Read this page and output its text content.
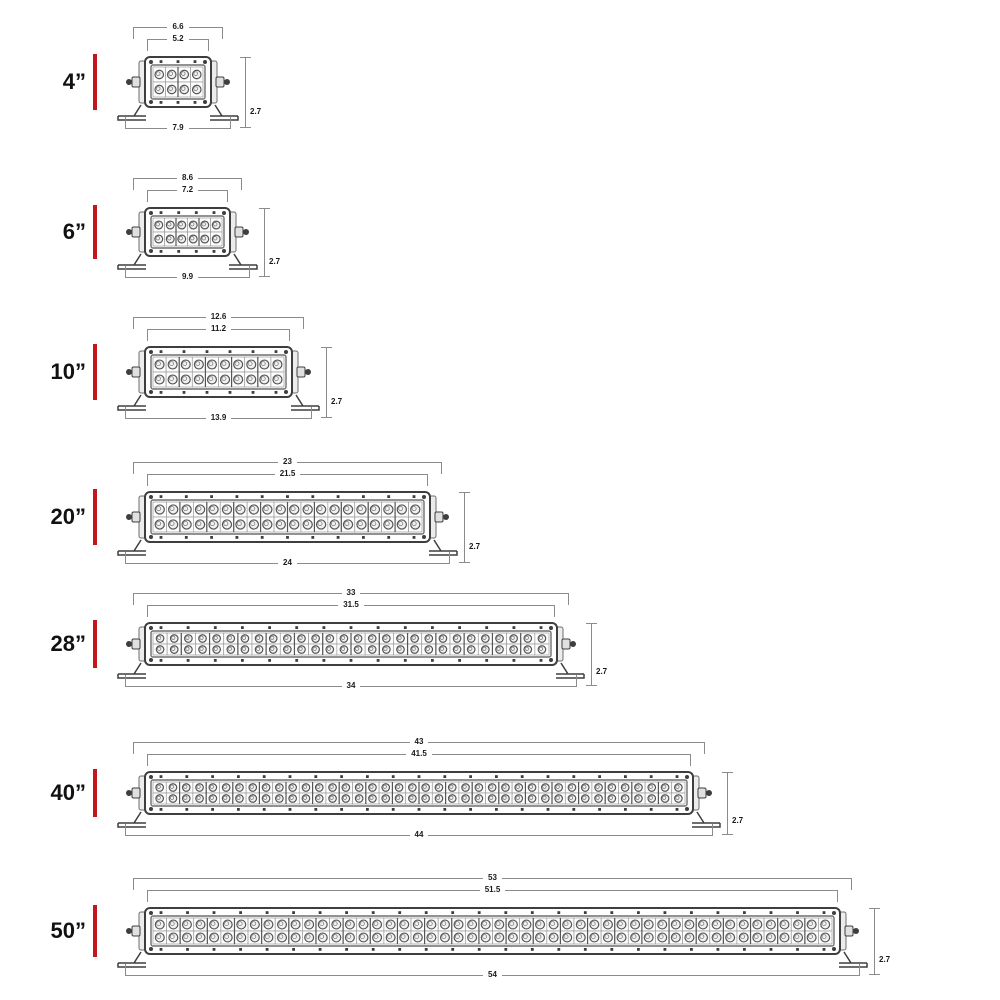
4”
6.6
5.2
7.9
2.7
6”
8.6
7.2
9.9
2.7
10”
12.6
11.2
13.9
2.7
20”
23
21.5
24
2.7
28”
33
31.5
34
2.7
40”
43
41.5
44
2.7
50”
53
51.5
54
2.7
